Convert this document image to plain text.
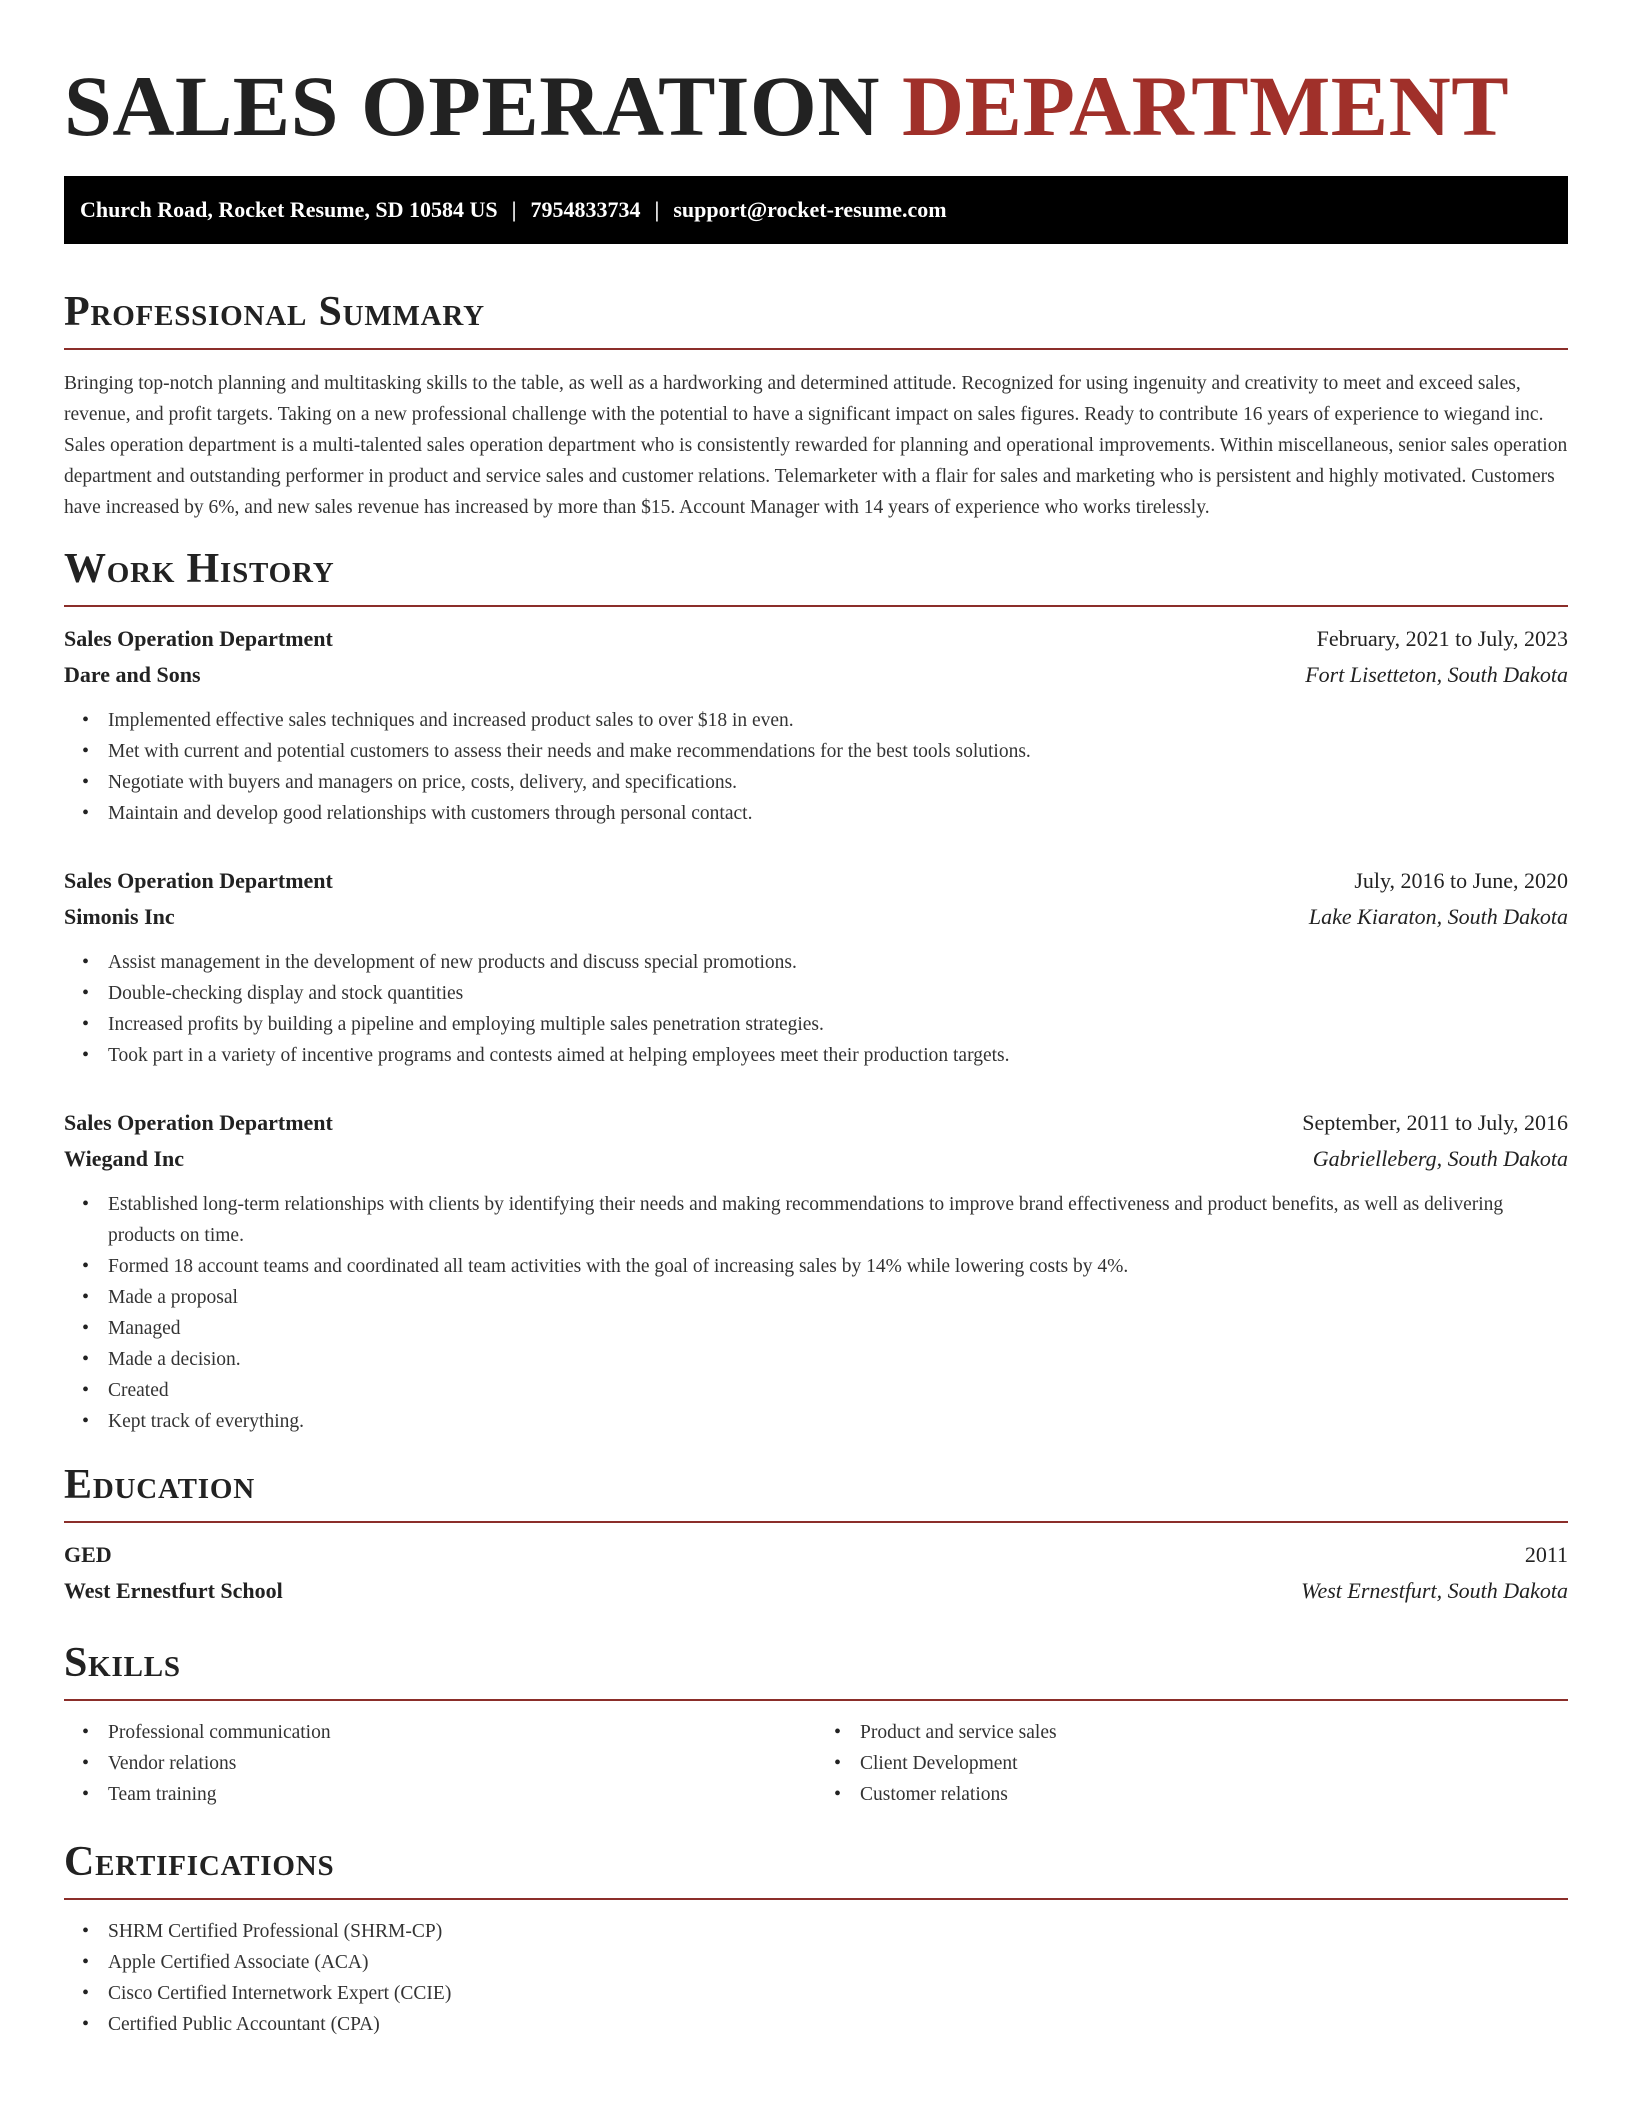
SALES OPERATION DEPARTMENT
Church Road, Rocket Resume, SD 10584 US | 7954833734 | support@rocket-resume.com
Professional Summary
Bringing top-notch planning and multitasking skills to the table, as well as a hardworking and determined attitude. Recognized for using ingenuity and creativity to meet and exceed sales, revenue, and profit targets. Taking on a new professional challenge with the potential to have a significant impact on sales figures. Ready to contribute 16 years of experience to wiegand inc. Sales operation department is a multi-talented sales operation department who is consistently rewarded for planning and operational improvements. Within miscellaneous, senior sales operation department and outstanding performer in product and service sales and customer relations. Telemarketer with a flair for sales and marketing who is persistent and highly motivated. Customers have increased by 6%, and new sales revenue has increased by more than $15. Account Manager with 14 years of experience who works tirelessly.
Work History
Sales Operation Department	February, 2021 to July, 2023
Dare and Sons	Fort Lisetteton, South Dakota
• Implemented effective sales techniques and increased product sales to over $18 in even.
• Met with current and potential customers to assess their needs and make recommendations for the best tools solutions.
• Negotiate with buyers and managers on price, costs, delivery, and specifications.
• Maintain and develop good relationships with customers through personal contact.
Sales Operation Department	July, 2016 to June, 2020
Simonis Inc	Lake Kiaraton, South Dakota
• Assist management in the development of new products and discuss special promotions.
• Double-checking display and stock quantities
• Increased profits by building a pipeline and employing multiple sales penetration strategies.
• Took part in a variety of incentive programs and contests aimed at helping employees meet their production targets.
Sales Operation Department	September, 2011 to July, 2016
Wiegand Inc	Gabrielleberg, South Dakota
• Established long-term relationships with clients by identifying their needs and making recommendations to improve brand effectiveness and product benefits, as well as delivering products on time.
• Formed 18 account teams and coordinated all team activities with the goal of increasing sales by 14% while lowering costs by 4%.
• Made a proposal
• Managed
• Made a decision.
• Created
• Kept track of everything.
Education
GED	2011
West Ernestfurt School	West Ernestfurt, South Dakota
Skills
• Professional communication
• Vendor relations
• Team training
• Product and service sales
• Client Development
• Customer relations
Certifications
• SHRM Certified Professional (SHRM-CP)
• Apple Certified Associate (ACA)
• Cisco Certified Internetwork Expert (CCIE)
• Certified Public Accountant (CPA)
